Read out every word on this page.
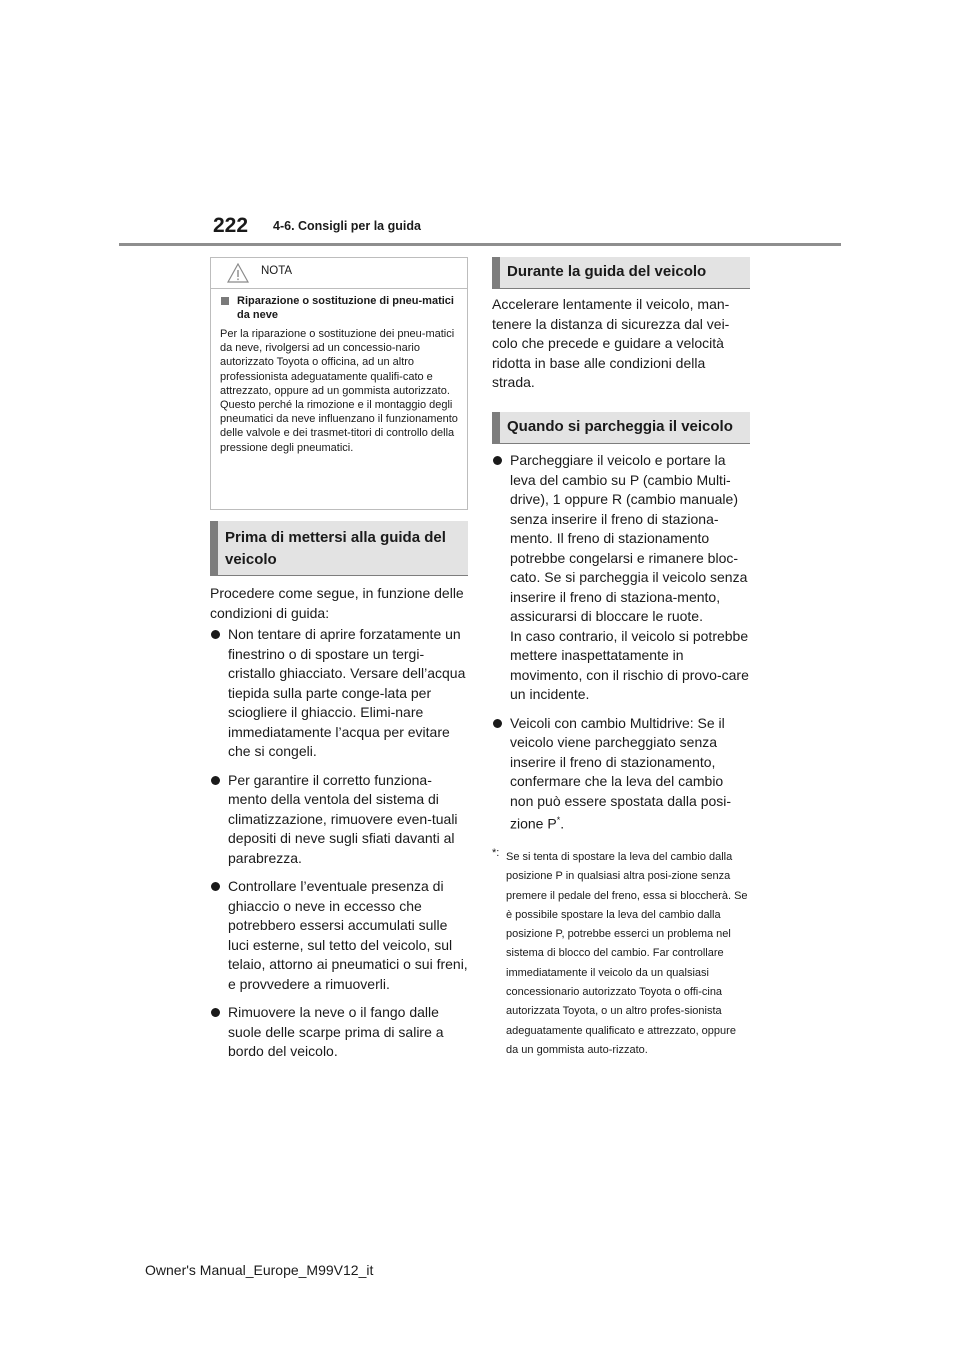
222 4-6. Consigli per la guida
NOTA
Riparazione o sostituzione di pneu-matici da neve
Per la riparazione o sostituzione dei pneu-matici da neve, rivolgersi ad un concessio-nario autorizzato Toyota o officina, ad un altro professionista adeguatamente qualifi-cato e attrezzato, oppure ad un gommista autorizzato. Questo perché la rimozione e il montaggio degli pneumatici da neve influenzano il funzionamento delle valvole e dei trasmet-titori di controllo della pressione degli pneumatici.
Prima di mettersi alla guida del veicolo
Procedere come segue, in funzione delle condizioni di guida:
Non tentare di aprire forzatamente un finestrino o di spostare un tergi-cristallo ghiacciato. Versare dell’acqua tiepida sulla parte conge-lata per sciogliere il ghiaccio. Elimi-nare immediatamente l’acqua per evitare che si congeli.
Per garantire il corretto funziona-mento della ventola del sistema di climatizzazione, rimuovere even-tuali depositi di neve sugli sfiati davanti al parabrezza.
Controllare l’eventuale presenza di ghiaccio o neve in eccesso che potrebbero essersi accumulati sulle luci esterne, sul tetto del veicolo, sul telaio, attorno ai pneumatici o sui freni, e provvedere a rimuoverli.
Rimuovere la neve o il fango dalle suole delle scarpe prima di salire a bordo del veicolo.
Durante la guida del veicolo
Accelerare lentamente il veicolo, man-tenere la distanza di sicurezza dal vei-colo che precede e guidare a velocità ridotta in base alle condizioni della strada.
Quando si parcheggia il veicolo
Parcheggiare il veicolo e portare la leva del cambio su P (cambio Multi-drive), 1 oppure R (cambio manuale) senza inserire il freno di staziona-mento. Il freno di stazionamento potrebbe congelarsi e rimanere bloc-cato. Se si parcheggia il veicolo senza inserire il freno di staziona-mento, assicurarsi di bloccare le ruote.
In caso contrario, il veicolo si potrebbe mettere inaspettatamente in movimento, con il rischio di provo-care un incidente.
Veicoli con cambio Multidrive: Se il veicolo viene parcheggiato senza inserire il freno di stazionamento, confermare che la leva del cambio non può essere spostata dalla posi-zione P*.
*: Se si tenta di spostare la leva del cambio dalla posizione P in qualsiasi altra posi-zione senza premere il pedale del freno, essa si bloccherà. Se è possibile spostare la leva del cambio dalla posizione P, potrebbe esserci un problema nel sistema di blocco del cambio. Far controllare immediatamente il veicolo da un qualsiasi concessionario autorizzato Toyota o offi-cina autorizzata Toyota, o un altro profes-sionista adeguatamente qualificato e attrezzato, oppure da un gommista auto-rizzato.
Owner's Manual_Europe_M99V12_it
